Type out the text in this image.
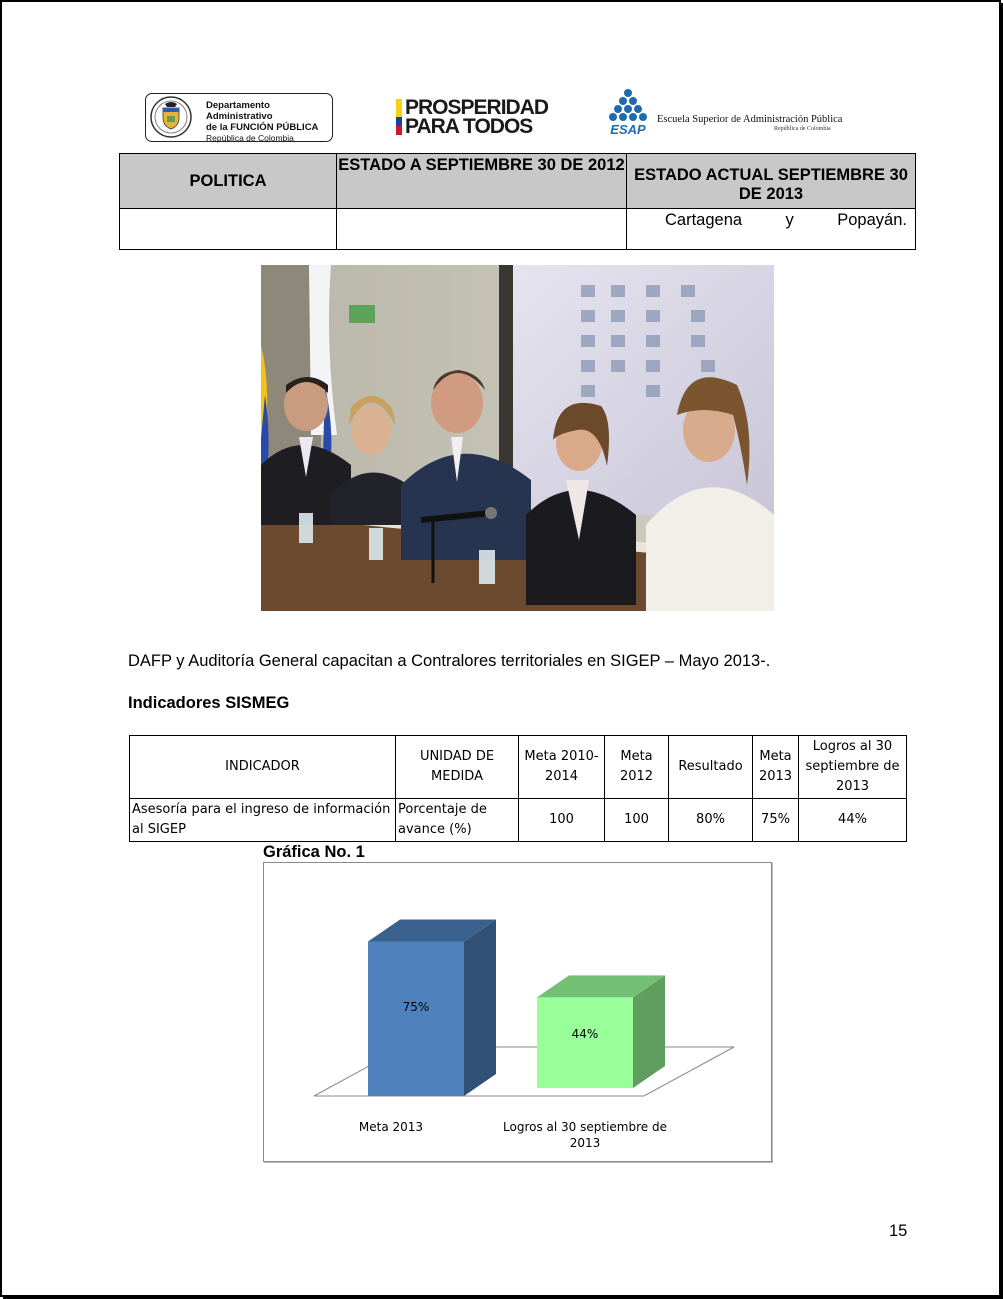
Departamento Administrativo
de la FUNCIÓN PÚBLICA
República de Colombia
PROSPERIDAD
PARA TODOS	ESAP
Escuela Superior de Administración Pública
República de Colombia
POLITICA	ESTADO A SEPTIEMBRE 30 DE 2012	ESTADO ACTUAL SEPTIEMBRE 30 DE 2013

		Cartagena y Popayán.
DAFP y Auditoría General capacitan a Contralores territoriales en SIGEP – Mayo 2013-.
Indicadores SISMEG
INDICADOR	UNIDAD DE MEDIDA	Meta 2010-2014	Meta 2012	Resultado	Meta 2013	Logros al 30 septiembre de 2013
Asesoría para el ingreso de información al SIGEP	Porcentaje de avance (%)	100	100	80%	75%	44%
Gráfica No. 1
75%
Meta 2013
44%
Logros al 30 septiembre de
2013
15
